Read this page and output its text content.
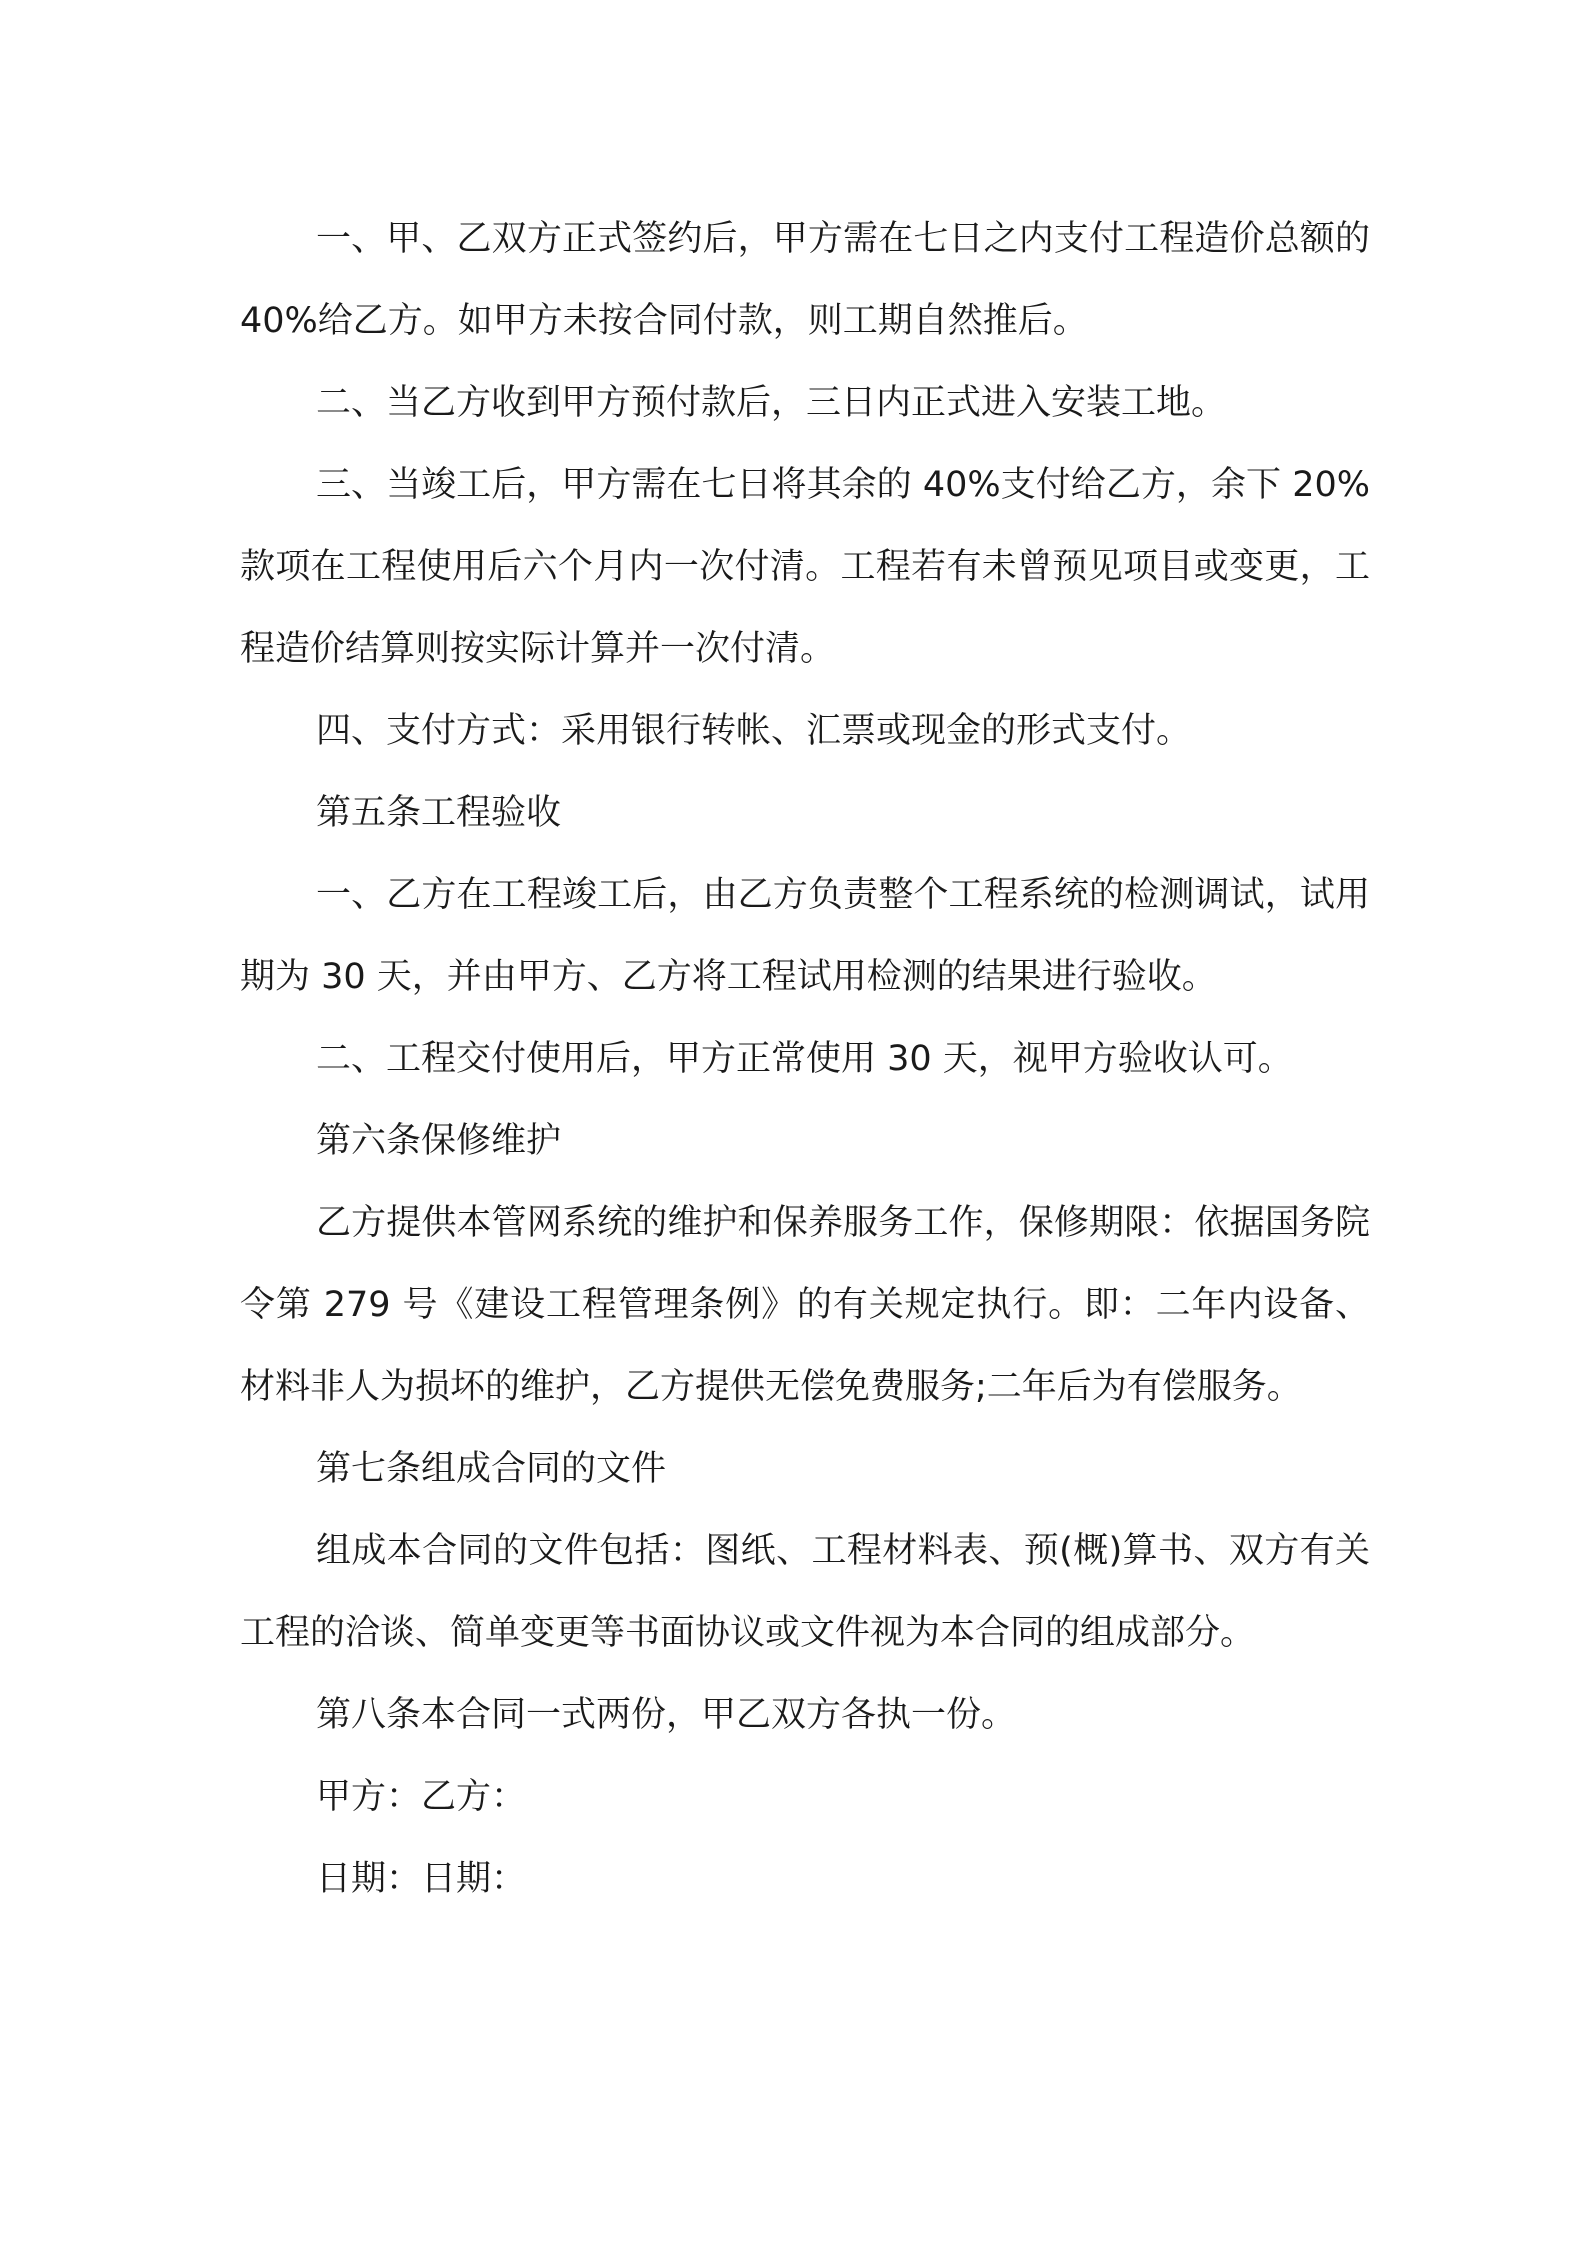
一、甲、乙双方正式签约后，甲方需在七日之内支付工程造价总额的 40%给乙方。如甲方未按合同付款，则工期自然推后。

二、当乙方收到甲方预付款后，三日内正式进入安装工地。

三、当竣工后，甲方需在七日将其余的 40%支付给乙方，余下 20%款项在工程使用后六个月内一次付清。工程若有未曾预见项目或变更，工程造价结算则按实际计算并一次付清。

四、支付方式：采用银行转帐、汇票或现金的形式支付。

第五条工程验收

一、乙方在工程竣工后，由乙方负责整个工程系统的检测调试，试用期为 30 天，并由甲方、乙方将工程试用检测的结果进行验收。

二、工程交付使用后，甲方正常使用 30 天，视甲方验收认可。

第六条保修维护

乙方提供本管网系统的维护和保养服务工作，保修期限：依据国务院令第 279 号《建设工程管理条例》的有关规定执行。即：二年内设备、材料非人为损坏的维护，乙方提供无偿免费服务;二年后为有偿服务。

第七条组成合同的文件

组成本合同的文件包括：图纸、工程材料表、预(概)算书、双方有关工程的洽谈、简单变更等书面协议或文件视为本合同的组成部分。

第八条本合同一式两份，甲乙双方各执一份。

甲方：乙方：

日期：日期：
